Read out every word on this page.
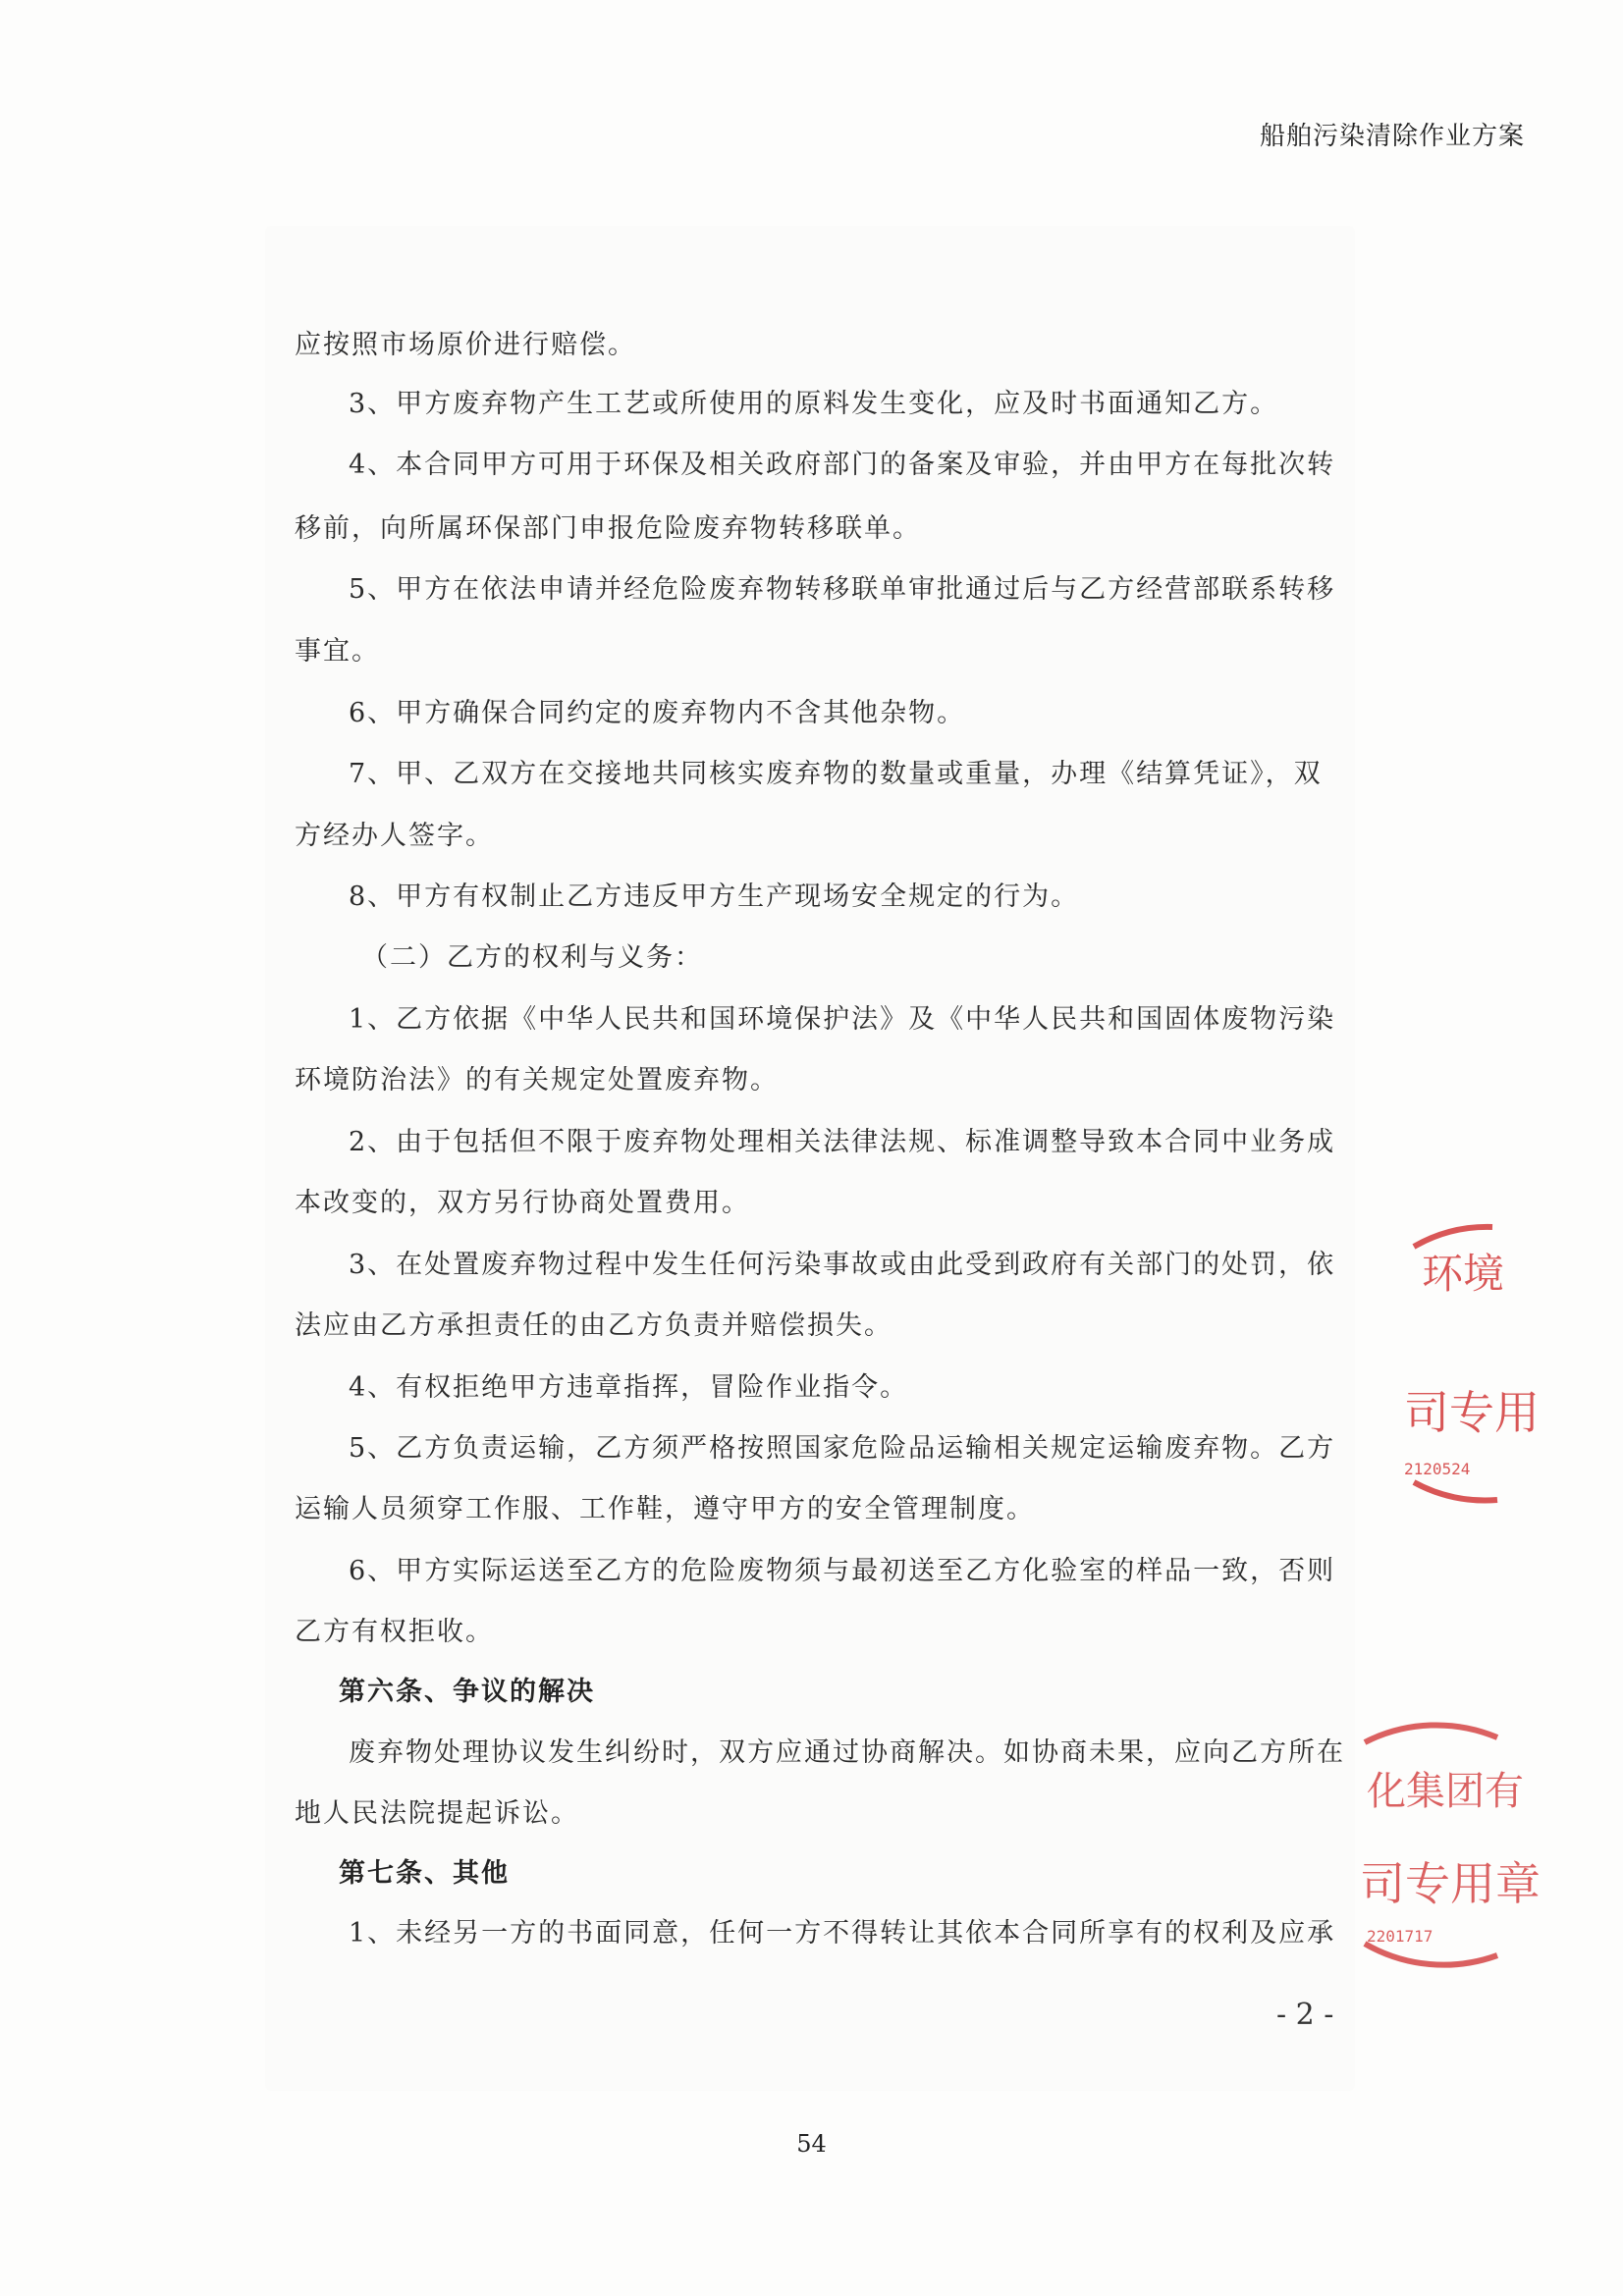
船舶污染清除作业方案
应按照市场原价进行赔偿。
3、甲方废弃物产生工艺或所使用的原料发生变化，应及时书面通知乙方。
4、本合同甲方可用于环保及相关政府部门的备案及审验，并由甲方在每批次转
移前，向所属环保部门申报危险废弃物转移联单。
5、甲方在依法申请并经危险废弃物转移联单审批通过后与乙方经营部联系转移
事宜。
6、甲方确保合同约定的废弃物内不含其他杂物。
7、甲、乙双方在交接地共同核实废弃物的数量或重量，办理《结算凭证》，双
方经办人签字。
8、甲方有权制止乙方违反甲方生产现场安全规定的行为。
（二）乙方的权利与义务：
1、乙方依据《中华人民共和国环境保护法》及《中华人民共和国固体废物污染
环境防治法》的有关规定处置废弃物。
2、由于包括但不限于废弃物处理相关法律法规、标准调整导致本合同中业务成
本改变的，双方另行协商处置费用。
3、在处置废弃物过程中发生任何污染事故或由此受到政府有关部门的处罚，依
法应由乙方承担责任的由乙方负责并赔偿损失。
4、有权拒绝甲方违章指挥，冒险作业指令。
5、乙方负责运输，乙方须严格按照国家危险品运输相关规定运输废弃物。乙方
运输人员须穿工作服、工作鞋，遵守甲方的安全管理制度。
6、甲方实际运送至乙方的危险废物须与最初送至乙方化验室的样品一致，否则
乙方有权拒收。
第六条、争议的解决
废弃物处理协议发生纠纷时，双方应通过协商解决。如协商未果，应向乙方所在
地人民法院提起诉讼。
第七条、其他
1、未经另一方的书面同意，任何一方不得转让其依本合同所享有的权利及应承
- 2 -
54
环境
司专用
2120524
化集团有
司专用章
2201717
